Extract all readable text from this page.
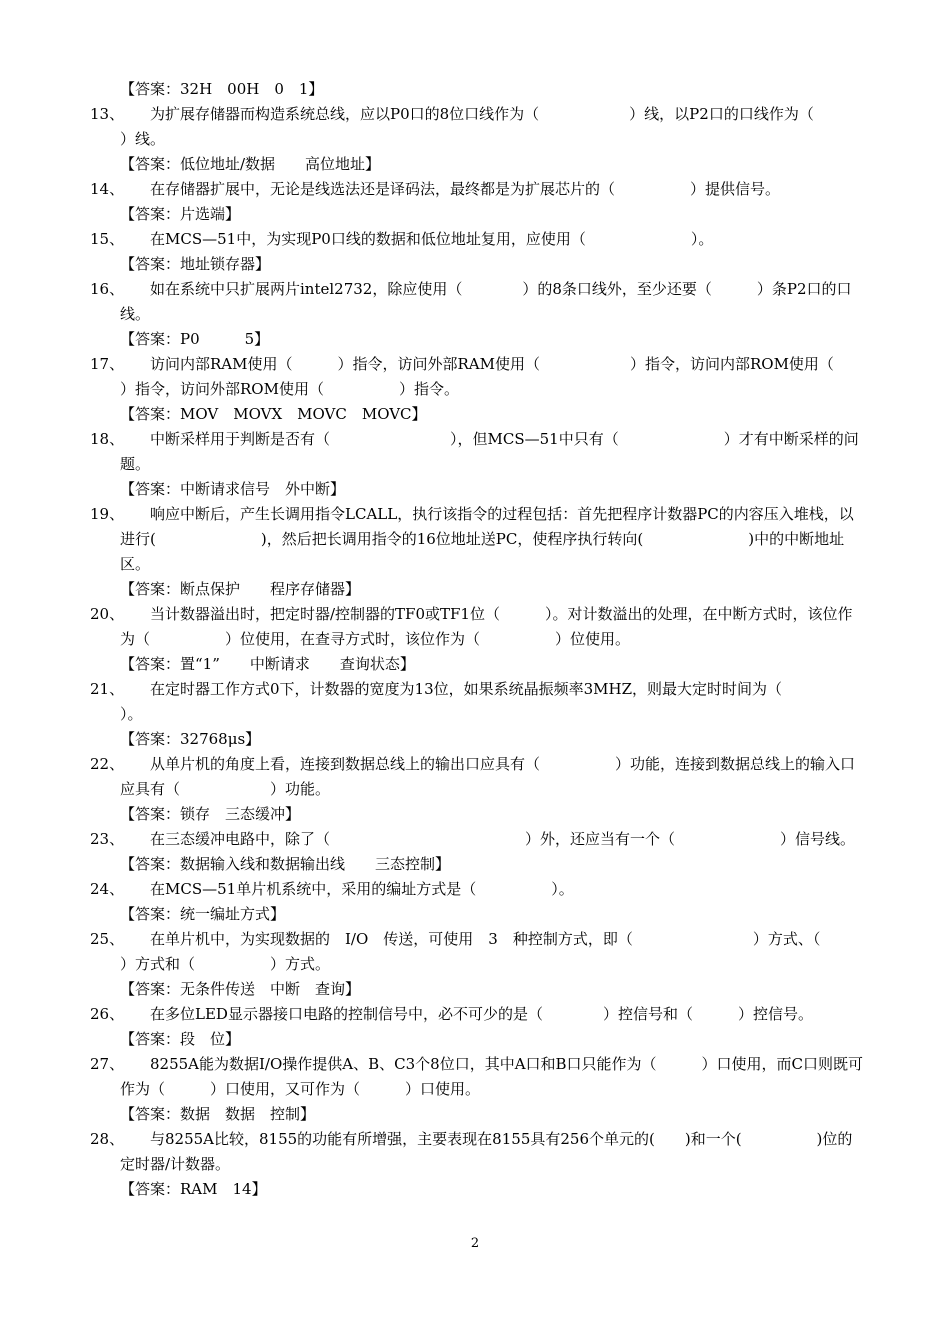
【答案：32H　00H　0　1】
13、
　　为扩展存储器而构造系统总线，应以P0口的8位口线作为（　　　　　　）线，以P2口的口线作为（　　　　　）线。
【答案：低位地址/数据　　高位地址】
14、
　　在存储器扩展中，无论是线选法还是译码法，最终都是为扩展芯片的（　　　　　）提供信号。
【答案：片选端】
15、
　　在MCS—51中，为实现P0口线的数据和低位地址复用，应使用（　　　　　　　）。
【答案：地址锁存器】
16、
　　如在系统中只扩展两片intel2732，除应使用（　　　　）的8条口线外，至少还要（　　　）条P2口的口线。
【答案：P0　　　5】
17、
　　访问内部RAM使用（　　　）指令，访问外部RAM使用（　　　　　　）指令，访问内部ROM使用（　　　　　）指令，访问外部ROM使用（　　　　　）指令。
【答案：MOV　MOVX　MOVC　MOVC】
18、
　　中断采样用于判断是否有（　　　　　　　　），但MCS—51中只有（　　　　　　　）才有中断采样的问题。
【答案：中断请求信号　外中断】
19、
　　响应中断后，产生长调用指令LCALL，执行该指令的过程包括：首先把程序计数器PC的内容压入堆栈，以进行(　　　　　　　)，然后把长调用指令的16位地址送PC，使程序执行转向(　　　　　　　)中的中断地址区。
【答案：断点保护　　程序存储器】
20、
　　当计数器溢出时，把定时器/控制器的TF0或TF1位（　　　）。对计数溢出的处理，在中断方式时，该位作为（　　　　　）位使用，在查寻方式时，该位作为（　　　　　）位使用。
【答案：置“1”　　中断请求　　查询状态】
21、
　　在定时器工作方式0下，计数器的宽度为13位，如果系统晶振频率3MHZ，则最大定时时间为（　　　　　　　）。
【答案：32768μs】
22、
　　从单片机的角度上看，连接到数据总线上的输出口应具有（　　　　　）功能，连接到数据总线上的输入口应具有（　　　　　　）功能。
【答案：锁存　三态缓冲】
23、
　　在三态缓冲电路中，除了（　　　　　　　　　　　　　）外，还应当有一个（　　　　　　　）信号线。
【答案：数据输入线和数据输出线　　三态控制】
24、
　　在MCS—51单片机系统中，采用的编址方式是（　　　　　）。
【答案：统一编址方式】
25、
　　在单片机中，为实现数据的　I/O　传送，可使用　3　种控制方式，即（　　　　　　　　）方式、（　　　　　）方式和（　　　　　）方式。
【答案：无条件传送　中断　查询】
26、
　　在多位LED显示器接口电路的控制信号中，必不可少的是（　　　　）控信号和（　　　）控信号。
【答案：段　位】
27、
　　8255A能为数据I/O操作提供A、B、C3个8位口，其中A口和B口只能作为（　　　）口使用，而C口则既可作为（　　　）口使用，又可作为（　　　）口使用。
【答案：数据　数据　控制】
28、
　　与8255A比较，8155的功能有所增强，主要表现在8155具有256个单元的(　　)和一个(　　　　　)位的定时器/计数器。
【答案：RAM　14】
2
